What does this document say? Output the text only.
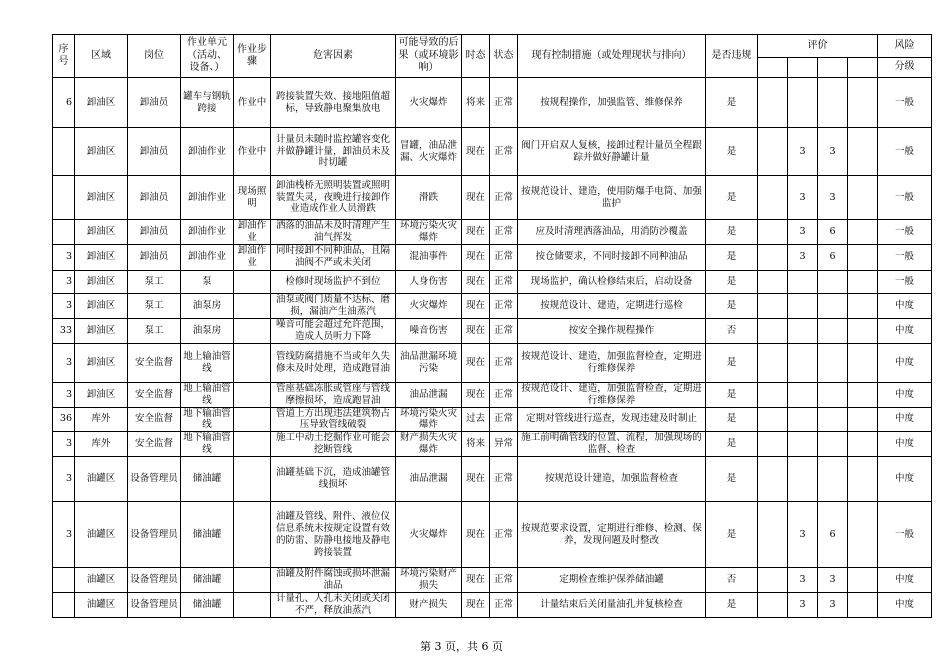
序号	区域	岗位	作业单元（活动、设备、）	作业步骤	危害因素	可能导致的后果（或环境影响）	时态	状态	现有控制措施（或处理现状与排向）	是否违规	评价				风险
															分级
6	卸油区	卸油员	罐车与钢轨跨接	作业中	跨接装置失效、接地阻值超标，导致静电聚集放电	火灾爆炸	将来	正常	按规程操作，加强监管、维修保养	是					一般
	卸油区	卸油员	卸油作业	作业中	计量员未随时监控罐容变化并做静罐计量，卸油员未及时切罐	冒罐，油品泄漏、火灾爆炸	现在	正常	阀门开启双人复核，接卸过程计量员全程跟踪并做好静罐计量	是		3	3		一般
	卸油区	卸油员	卸油作业	现场照明	卸油栈桥无照明装置或照明装置失灵，夜晚进行接卸作业造成作业人员滑跌	滑跌	现在	正常	按规范设计、建造，使用防爆手电筒、加强监护	是		3	3		一般
	卸油区	卸油员	卸油作业	卸油作业	洒落的油品未及时清理产生油气挥发	环境污染火灾爆炸	现在	正常	应及时清理洒落油品，用消防沙覆盖	是		3	6		一般
3	卸油区	卸油员	卸油作业	卸油作业	同时接卸不同种油品，且隔油阀不严或未关闭	混油事件	现在	正常	按仓储要求，不同时接卸不同种油品	是		3	6		一般
3	卸油区	泵工	泵		检修时现场监护不到位	人身伤害	现在	正常	现场监护，确认检修结束后，启动设备	是					一般
3	卸油区	泵工	油泵房		油泵或阀门质量不达标、磨损，漏油产生油蒸汽	火灾爆炸	现在	正常	按规范设计、建造，定期进行巡检	是					中度
33	卸油区	泵工	油泵房		噪音可能会超过允许范围，造成人员听力下降	噪音伤害	现在	正常	按安全操作规程操作	否					中度
3	卸油区	安全监督	地上输油管线		管线防腐措施不当或年久失修未及时处理，造成跑冒油	油品泄漏环境污染	现在	正常	按规范设计、建造，加强监督检查，定期进行维修保养	是					中度
3	卸油区	安全监督	地上输油管线		管座基础冻胀或管座与管线摩擦损坏，造成跑冒油	油品泄漏	现在	正常	按规范设计、建造，加强监督检查，定期进行维修保养	是					中度
36	库外	安全监督	地下输油管线		管道上方出现违法建筑物占压导致管线破裂	环境污染火灾爆炸	过去	正常	定期对管线进行巡查，发现违建及时制止	是					中度
3	库外	安全监督	地下输油管线		施工中动土挖掘作业可能会挖断管线	财产损失火灾爆炸	将来	异常	施工前明确管线的位置、流程，加强现场的监督、检查	是					中度
3	油罐区	设备管理员	储油罐		油罐基础下沉，造成油罐管线损坏	油品泄漏	现在	正常	按规范设计建造，加强监督检查	是					中度
3	油罐区	设备管理员	储油罐		油罐及管线、附件、液位仪信息系统未按规定设置有效的防雷、防静电接地及静电跨接装置	火灾爆炸	现在	正常	按规范要求设置，定期进行维修、检测、保养，发现问题及时整改	是		3	6		一般
	油罐区	设备管理员	储油罐		油罐及附件腐蚀或损坏泄漏油品	环境污染财产损失	现在	正常	定期检查维护保养储油罐	否		3	3		中度
	油罐区	设备管理员	储油罐		计量孔、人孔未关闭或关闭不严，释放油蒸汽	财产损失	现在	正常	计量结束后关闭量油孔并复核检查	是		3	3		中度
第 3 页，共 6 页
